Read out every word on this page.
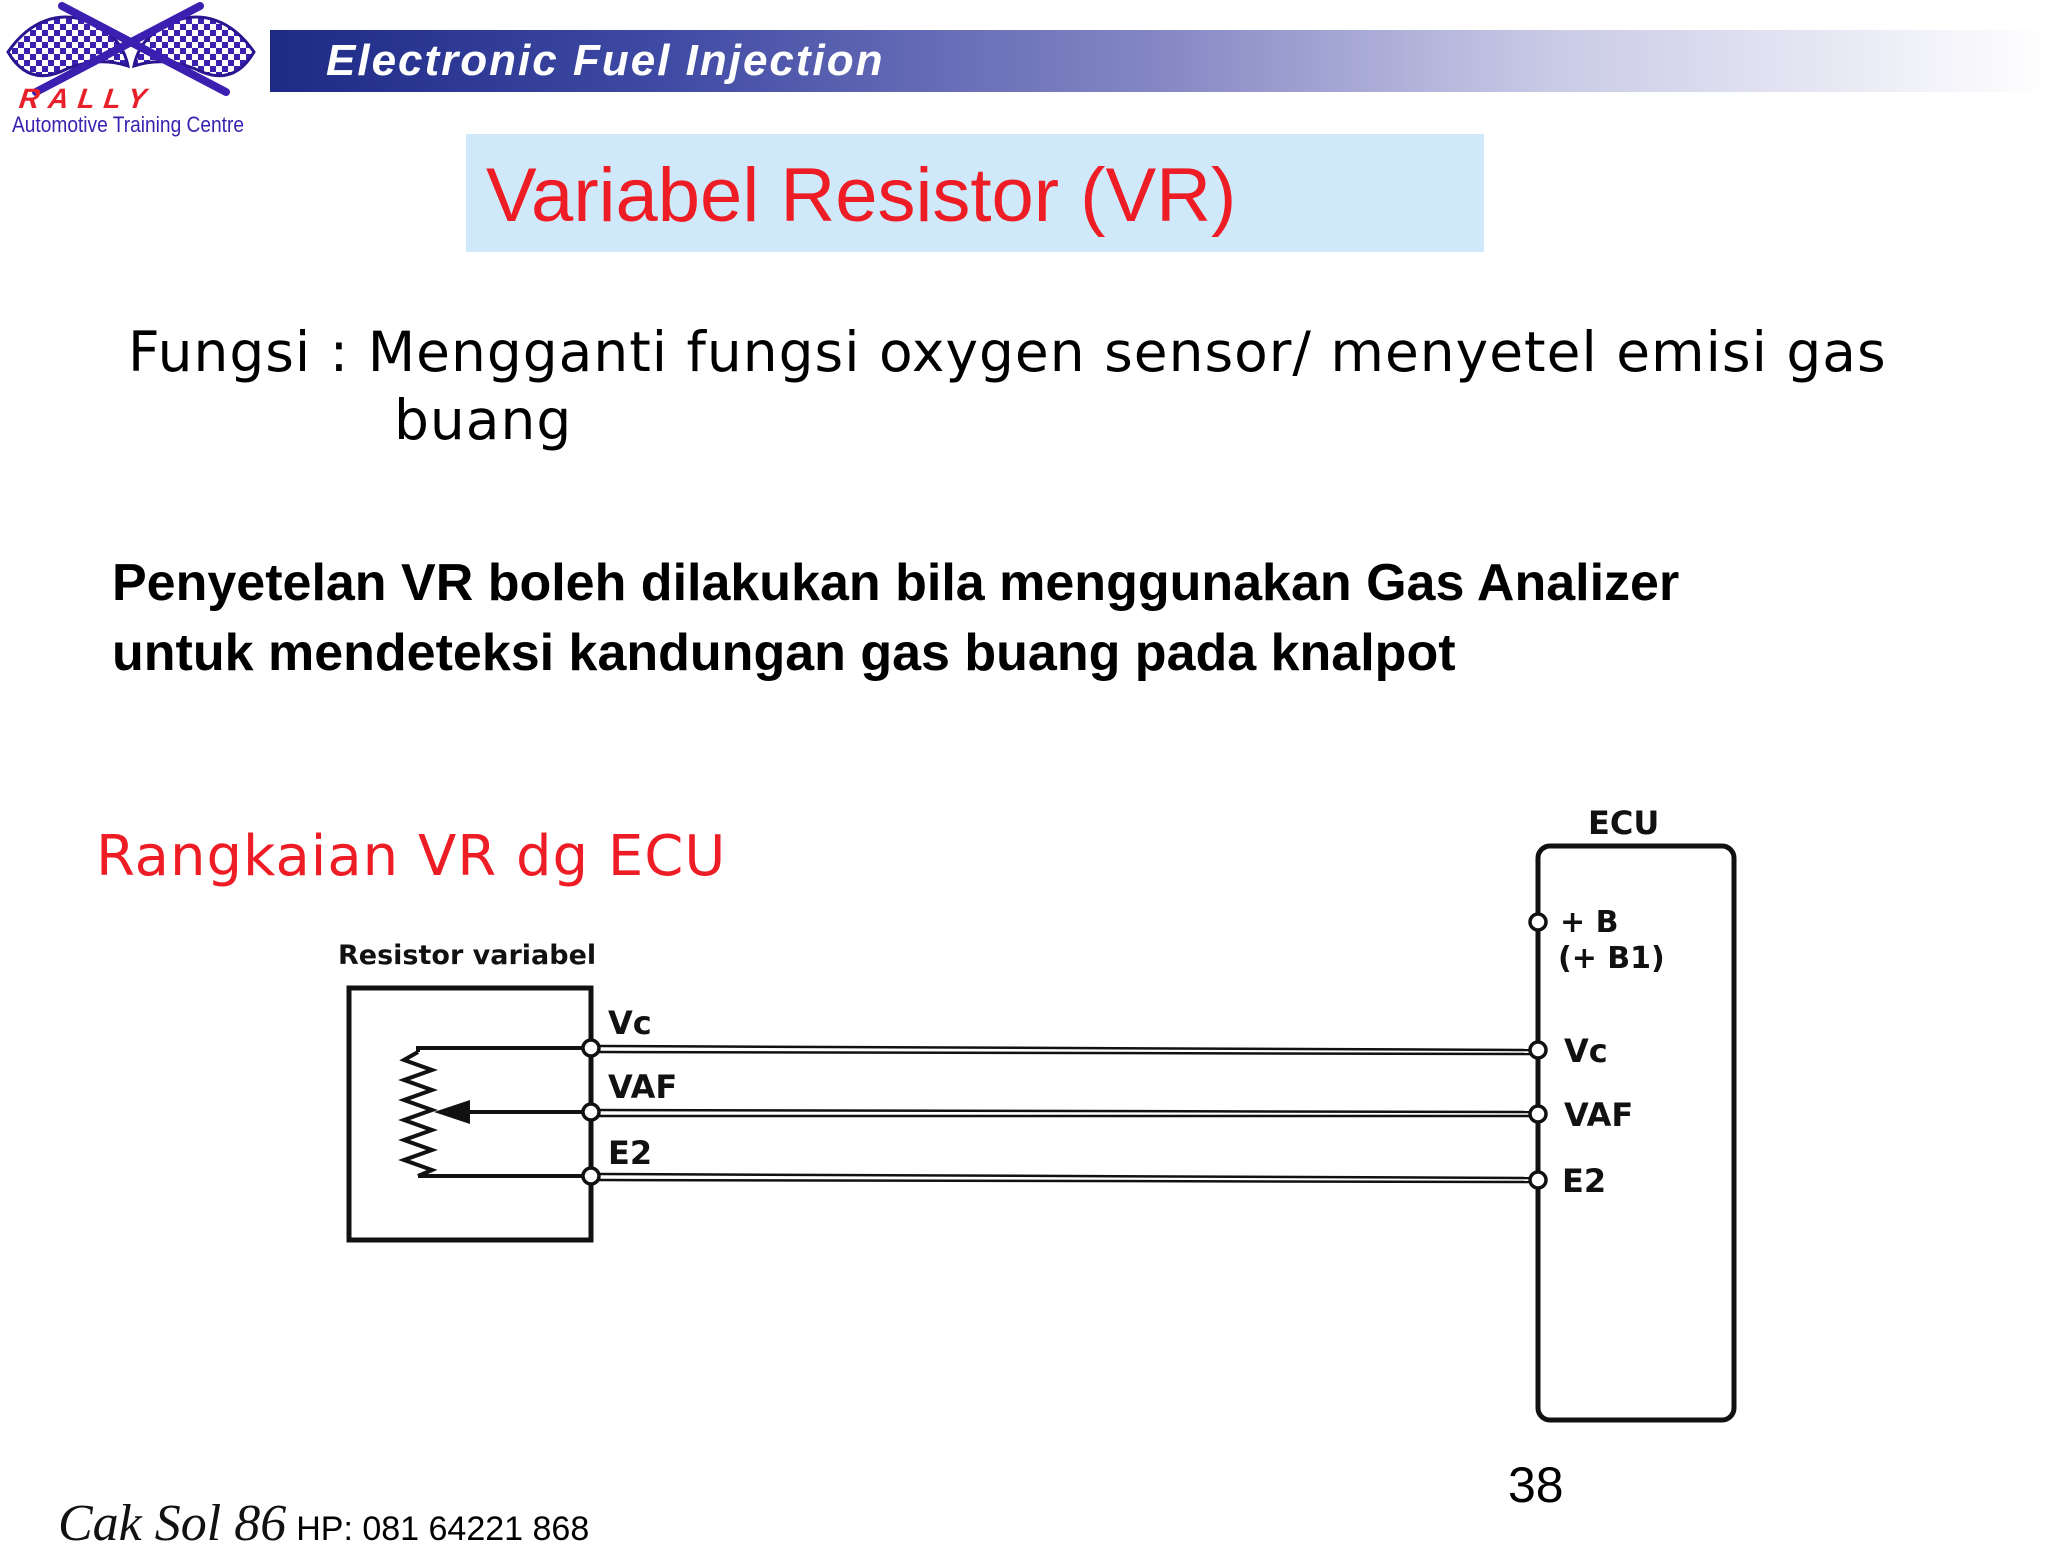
RALLY
Automotive Training Centre
Electronic Fuel Injection
Variabel Resistor (VR)
Fungsi : Mengganti fungsi oxygen sensor/ menyetel emisi gas
buang
Penyetelan VR boleh dilakukan bila menggunakan Gas Analizer
untuk mendeteksi kandungan gas buang pada knalpot
Rangkaian VR dg ECU
Resistor variabel
Vc
VAF
E2
ECU
+ B
(+ B1)
Vc
VAF
E2
38
Cak Sol 86 HP: 081 64221 868
